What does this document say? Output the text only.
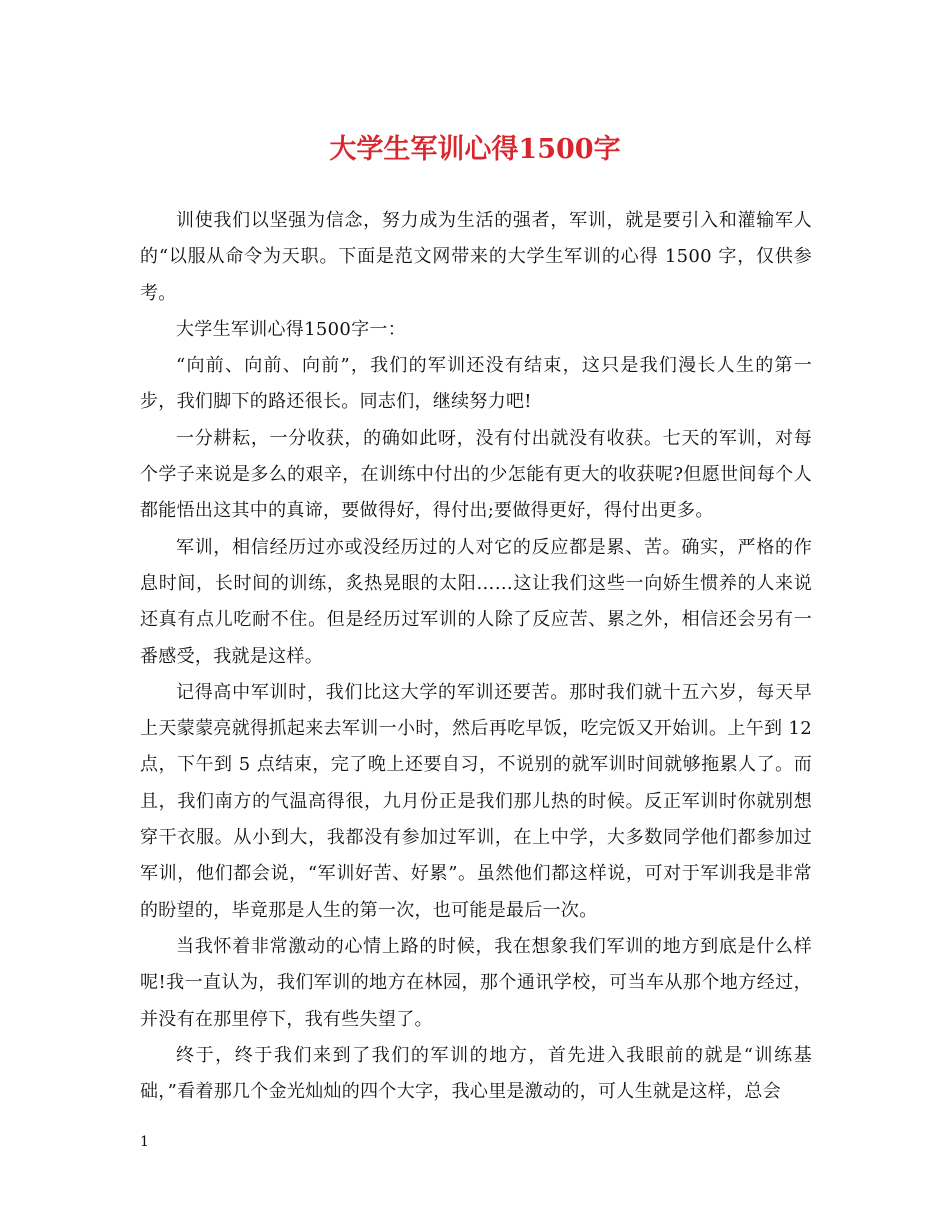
大学生军训心得1500字

训使我们以坚强为信念，努力成为生活的强者，军训，就是要引入和灌输军人的“以服从命令为天职。下面是范文网带来的大学生军训的心得 1500 字，仅供参考。

大学生军训心得1500字一：

“向前、向前、向前”，我们的军训还没有结束，这只是我们漫长人生的第一步，我们脚下的路还很长。同志们，继续努力吧!

一分耕耘，一分收获，的确如此呀，没有付出就没有收获。七天的军训，对每个学子来说是多么的艰辛，在训练中付出的少怎能有更大的收获呢?但愿世间每个人都能悟出这其中的真谛，要做得好，得付出;要做得更好，得付出更多。

军训，相信经历过亦或没经历过的人对它的反应都是累、苦。确实，严格的作息时间，长时间的训练，炙热晃眼的太阳……这让我们这些一向娇生惯养的人来说还真有点儿吃耐不住。但是经历过军训的人除了反应苦、累之外，相信还会另有一番感受，我就是这样。

记得高中军训时，我们比这大学的军训还要苦。那时我们就十五六岁，每天早上天蒙蒙亮就得抓起来去军训一小时，然后再吃早饭，吃完饭又开始训。上午到 12 点，下午到 5 点结束，完了晚上还要自习，不说别的就军训时间就够拖累人了。而且，我们南方的气温高得很，九月份正是我们那儿热的时候。反正军训时你就别想穿干衣服。从小到大，我都没有参加过军训，在上中学，大多数同学他们都参加过军训，他们都会说，“军训好苦、好累”。虽然他们都这样说，可对于军训我是非常的盼望的，毕竟那是人生的第一次，也可能是最后一次。

当我怀着非常激动的心情上路的时候，我在想象我们军训的地方到底是什么样呢!我一直认为，我们军训的地方在林园，那个通讯学校，可当车从那个地方经过，并没有在那里停下，我有些失望了。

终于，终于我们来到了我们的军训的地方，首先进入我眼前的就是“训练基础，”看着那几个金光灿灿的四个大字，我心里是激动的，可人生就是这样，总会

1
